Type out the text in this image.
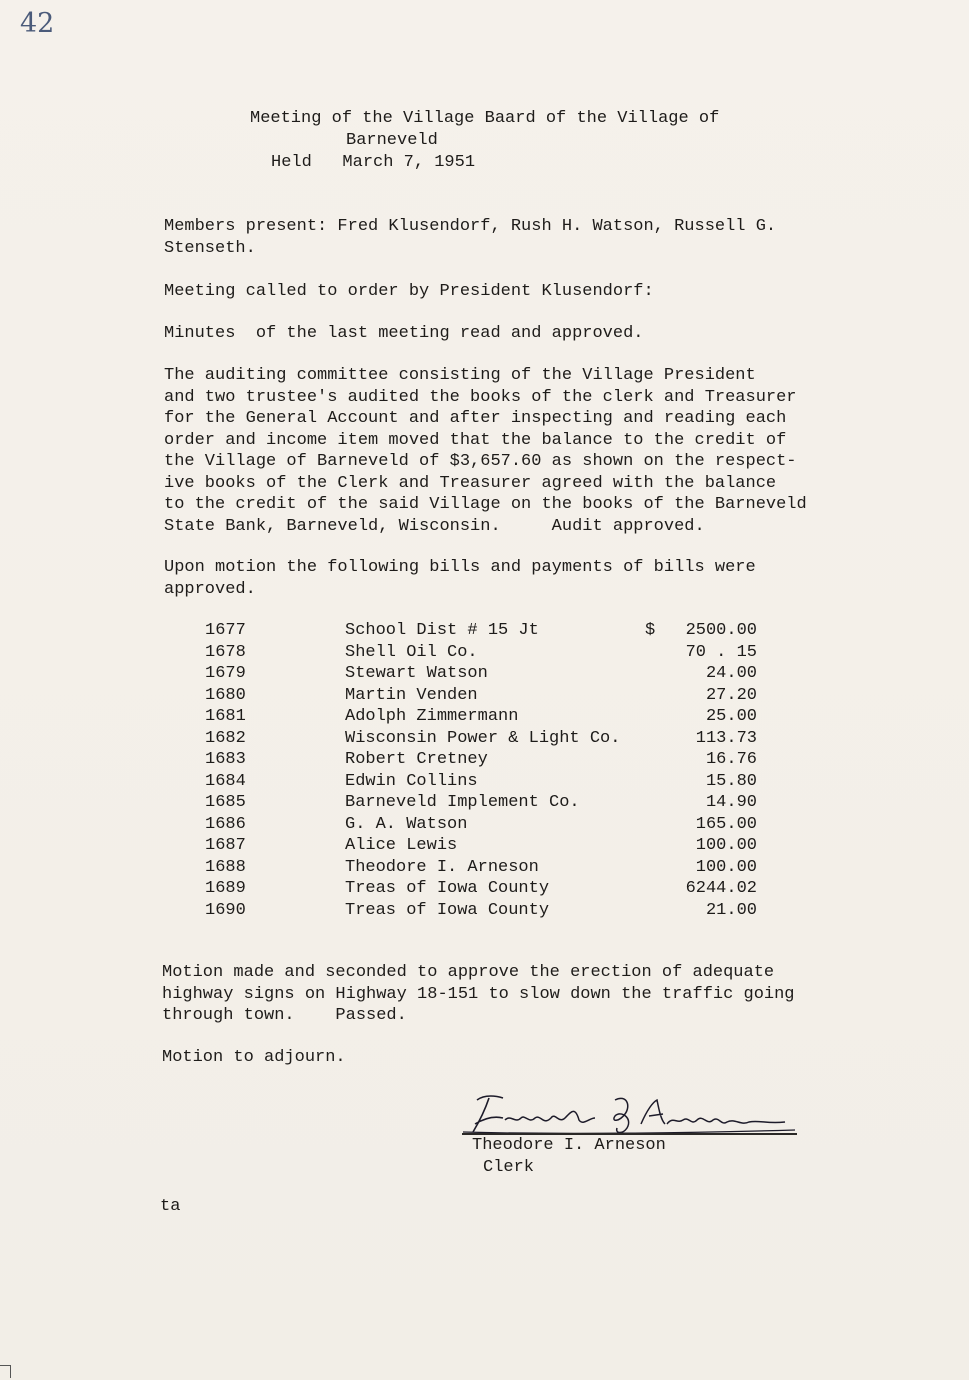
42
Meeting of the Village Baard of the Village of
Barneveld
Held   March 7, 1951
Members present: Fred Klusendorf, Rush H. Watson, Russell G.
Stenseth.
Meeting called to order by President Klusendorf:
Minutes  of the last meeting read and approved.
The auditing committee consisting of the Village President
and two trustee's audited the books of the clerk and Treasurer
for the General Account and after inspecting and reading each
order and income item moved that the balance to the credit of
the Village of Barneveld of $3,657.60 as shown on the respect-
ive books of the Clerk and Treasurer agreed with the balance
to the credit of the said Village on the books of the Barneveld
State Bank, Barneveld, Wisconsin.     Audit approved.
Upon motion the following bills and payments of bills were
approved.
1677	School Dist # 15 Jt	$ 2500.00
1678	Shell Oil Co.	70 . 15
1679	Stewart Watson	24.00
1680	Martin Venden	27.20
1681	Adolph Zimmermann	25.00
1682	Wisconsin Power & Light Co.	113.73
1683	Robert Cretney	16.76
1684	Edwin Collins	15.80
1685	Barneveld Implement Co.	14.90
1686	G. A. Watson	165.00
1687	Alice Lewis	100.00
1688	Theodore I. Arneson	100.00
1689	Treas of Iowa County	6244.02
1690	Treas of Iowa County	21.00
Motion made and seconded to approve the erection of adequate
highway signs on Highway 18-151 to slow down the traffic going
through town.    Passed.
Motion to adjourn.
Theodore I. Arneson
Clerk
ta
